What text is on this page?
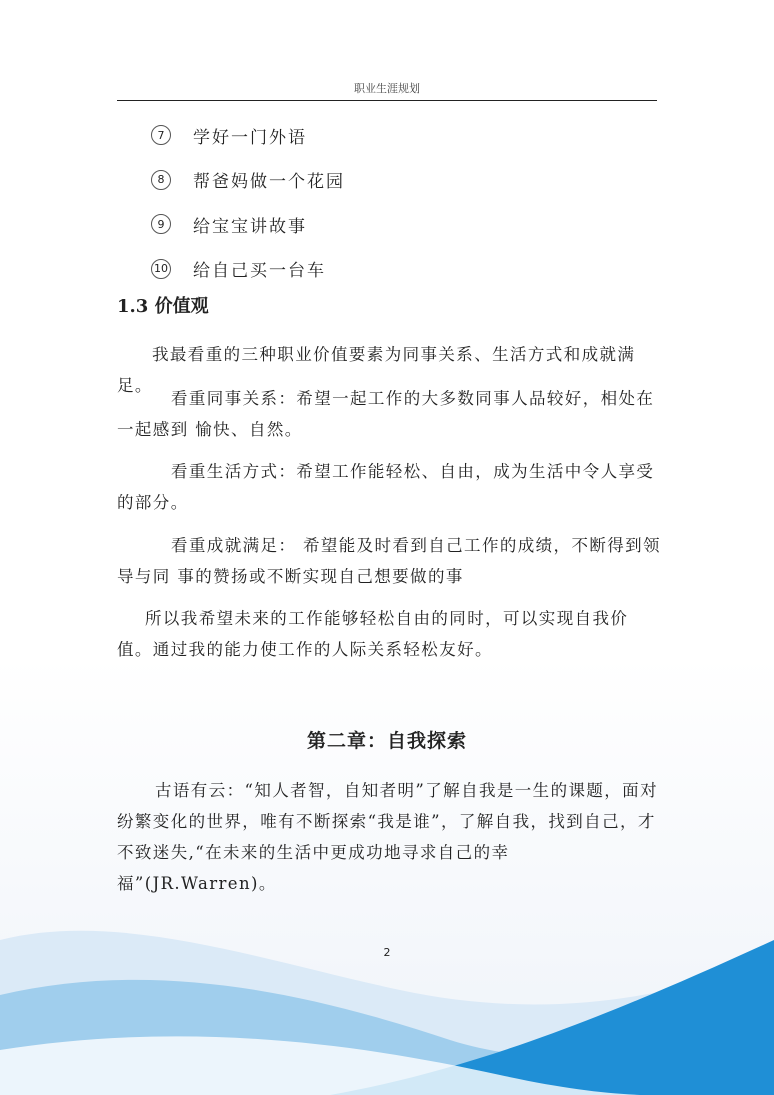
职业生涯规划
7	学好一门外语
8	帮爸妈做一个花园
9	给宝宝讲故事
10 给自己买一台车
1.3 价值观
我最看重的三种职业价值要素为同事关系、生活方式和成就满足。
看重同事关系：希望一起工作的大多数同事人品较好，相处在一起感到 愉快、自然。
看重生活方式：希望工作能轻松、自由，成为生活中令人享受的部分。
看重成就满足： 希望能及时看到自己工作的成绩，不断得到领导与同 事的赞扬或不断实现自己想要做的事
所以我希望未来的工作能够轻松自由的同时，可以实现自我价值。通过我的能力使工作的人际关系轻松友好。
第二章：自我探索
古语有云：“知人者智，自知者明”了解自我是一生的课题，面对纷繁变化的世界，唯有不断探索“我是谁”，了解自我，找到自己，才不致迷失,“在未来的生活中更成功地寻求自己的幸福”(JR.Warren)。
2
